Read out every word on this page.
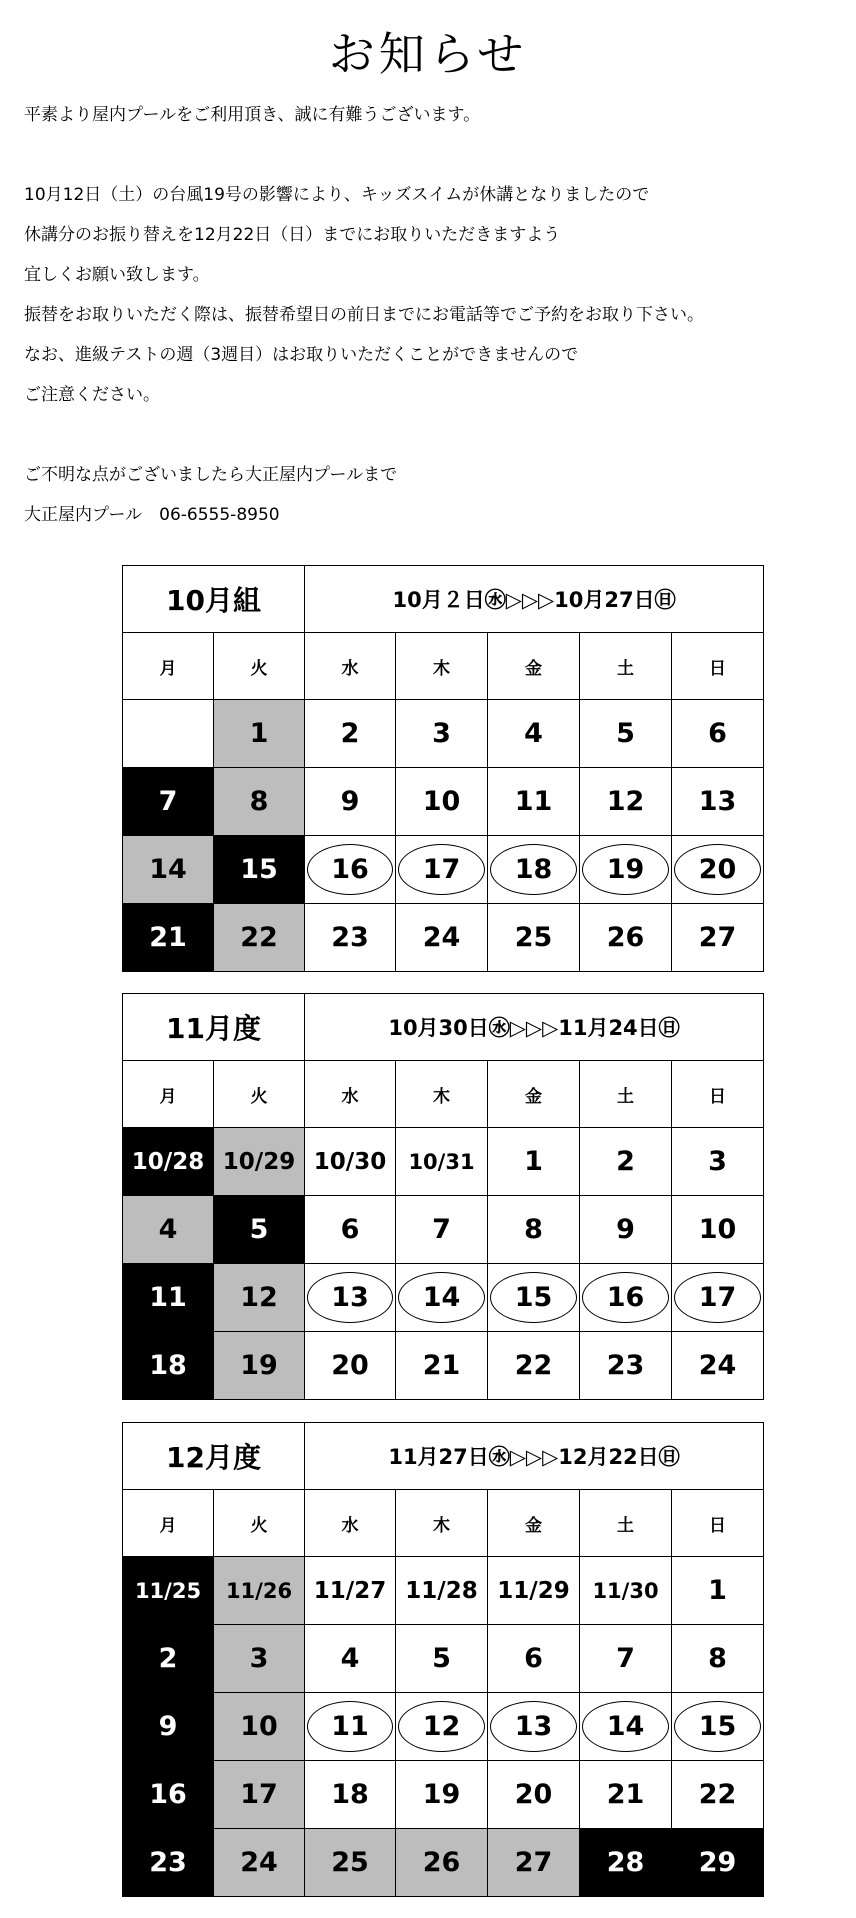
お知らせ
平素より屋内プールをご利用頂き、誠に有難うございます。
10月12日（土）の台風19号の影響により、キッズスイムが休講となりましたので
休講分のお振り替えを12月22日（日）までにお取りいただきますよう
宜しくお願い致します。
振替をお取りいただく際は、振替希望日の前日までにお電話等でご予約をお取り下さい。
なお、進級テストの週（3週目）はお取りいただくことができませんので
ご注意ください。
ご不明な点がございましたら大正屋内プールまで
大正屋内プール　06-6555-8950
10月組		10月２日㊌▷▷▷10月27日㊐				
月	火	水	木	金	土	日
	1	2	3	4	5	6
7	8	9	10	11	12	13
14	15	16	17	18	19	20
21	22	23	24	25	26	27
11月度		10月30日㊌▷▷▷11月24日㊐				
月	火	水	木	金	土	日
10/28	10/29	10/30	10/31	1	2	3
4	5	6	7	8	9	10
11	12	13	14	15	16	17
18	19	20	21	22	23	24
12月度		11月27日㊌▷▷▷12月22日㊐				
月	火	水	木	金	土	日
11/25	11/26	11/27	11/28	11/29	11/30	1
2	3	4	5	6	7	8
9	10	11	12	13	14	15
16	17	18	19	20	21	22
23	24	25	26	27	28	29
